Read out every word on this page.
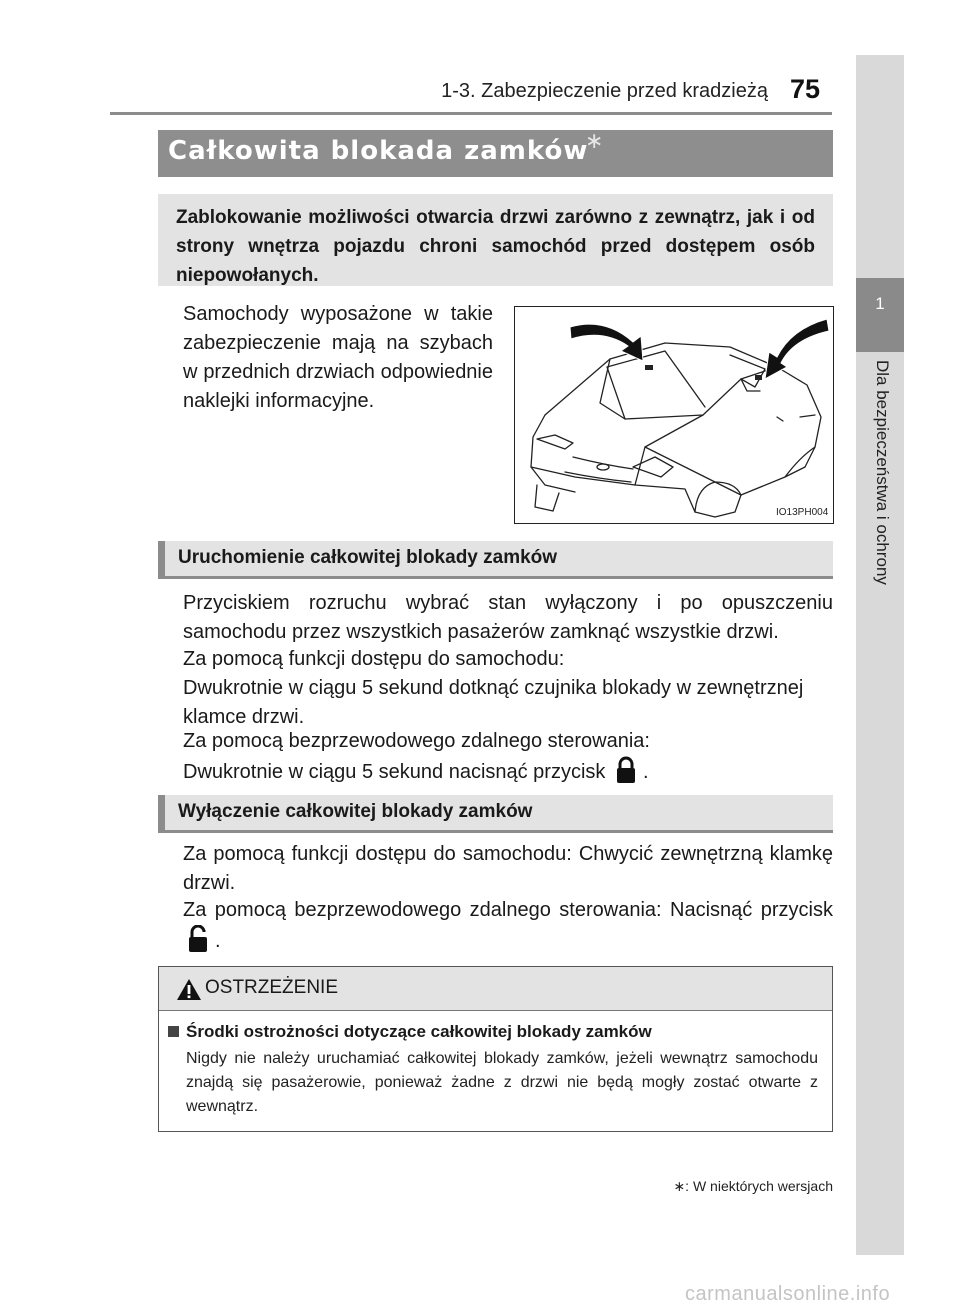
1-3. Zabezpieczenie przed kradzieżą 75
1
Dla bezpieczeństwa i ochrony
Całkowita blokada zamków
∗
Zablokowanie możliwości otwarcia drzwi zarówno z zewnątrz, jak i od strony wnętrza pojazdu chroni samochód przed dostępem osób niepowołanych.
Samochody wyposażone w takie zabezpieczenie mają na szybach w przednich drzwiach odpowiednie naklejki informacyjne.
IO13PH004
Uruchomienie całkowitej blokady zamków
Przyciskiem rozruchu wybrać stan wyłączony i po opuszczeniu samochodu przez wszystkich pasażerów zamknąć wszystkie drzwi.
Za pomocą funkcji dostępu do samochodu:
Dwukrotnie w ciągu 5 sekund dotknąć czujnika blokady w zewnętrznej klamce drzwi.
Za pomocą bezprzewodowego zdalnego sterowania:
Dwukrotnie w ciągu 5 sekund nacisnąć przycisk .
Wyłączenie całkowitej blokady zamków
Za pomocą funkcji dostępu do samochodu: Chwycić zewnętrzną klamkę drzwi.
Za pomocą bezprzewodowego zdalnego sterowania: Nacisnąć przycisk .
OSTRZEŻENIE
Środki ostrożności dotyczące całkowitej blokady zamków
Nigdy nie należy uruchamiać całkowitej blokady zamków, jeżeli wewnątrz samochodu znajdą się pasażerowie, ponieważ żadne z drzwi nie będą mogły zostać otwarte z wewnątrz.
∗: W niektórych wersjach
carmanualsonline.info
